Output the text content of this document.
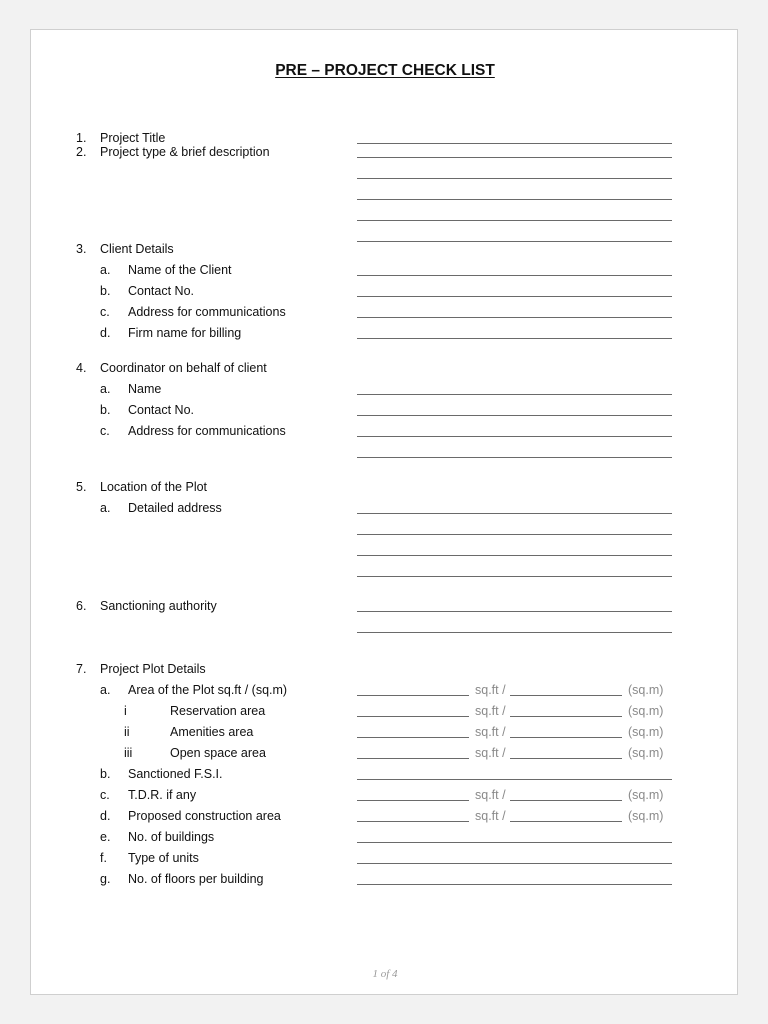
PRE – PROJECT CHECK LIST
1. Project Title
2. Project type & brief description
3. Client Details
a. Name of the Client
b. Contact No.
c. Address for communications
d. Firm name for billing
4. Coordinator on behalf of client
a. Name
b. Contact No.
c. Address for communications
5. Location of the Plot
a. Detailed address
6. Sanctioning authority
7. Project Plot Details
a. Area of the Plot sq.ft / (sq.m)	sq.ft /	(sq.m)
i	Reservation area	sq.ft /	(sq.m)
ii	Amenities area	sq.ft /	(sq.m)
iii	Open space area	sq.ft /	(sq.m)
b. Sanctioned F.S.I.
c. T.D.R. if any	sq.ft /	(sq.m)
d. Proposed construction area	sq.ft /	(sq.m)
e. No. of buildings
f. Type of units
g. No. of floors per building
1 of 4
